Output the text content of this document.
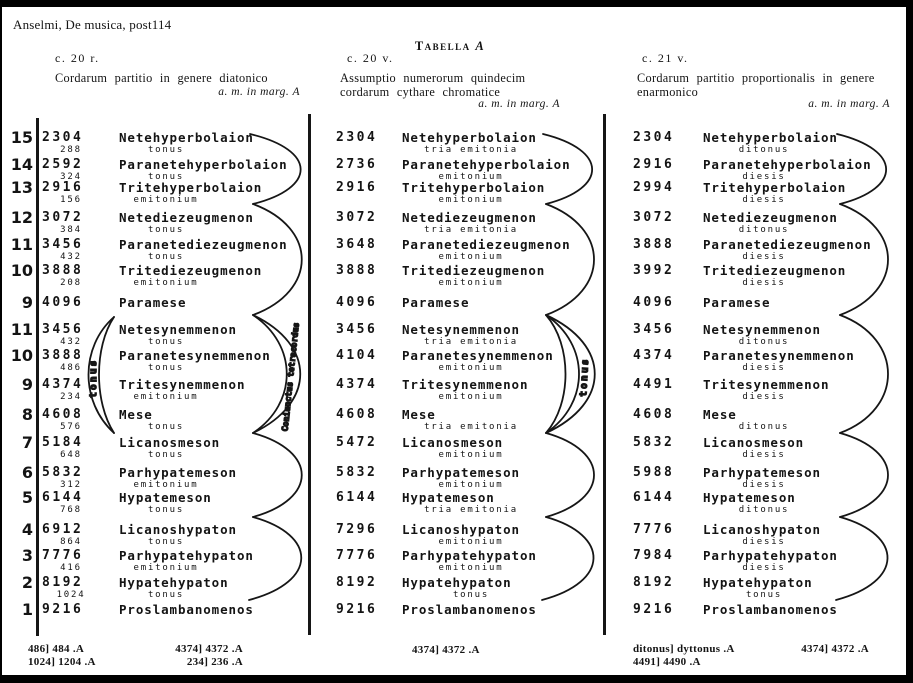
Anselmi, De musica, post114
Tabella A
c. 20 r.
Cordarum partitio in genere diatonico
a. m. in marg. A
c. 20 v.
Assumptio numerorum quindecim
cordarum cythare chromatice
a. m. in marg. A
c. 21 v.
Cordarum partitio proportionalis in genere
enarmonico
a. m. in marg. A
15 2304	Netehyperbolaion
288	tonus
14 2592	Paranetehyperbolaion
324	tonus
13 2916	Tritehyperbolaion
156	emitonium
12 3072	Netediezeugmenon
384	tonus
11 3456	Paranetediezeugmenon
432	tonus
10 3888	Tritediezeugmenon
208	emitonium
9 4096	Paramese
11 3456	Netesynemmenon
432	tonus
10 3888	Paranetesynemmenon
486	tonus
9 4374	Tritesynemmenon
234	emitonium
8 4608	Mese
576	tonus
7 5184	Licanosmeson
648	tonus
6 5832	Parhypatemeson
312	emitonium
5 6144	Hypatemeson
768	tonus
4 6912	Licanoshypaton
864	tonus
3 7776	Parhypatehypaton
416	emitonium
2 8192	Hypatehypaton
1024	tonus
1 9216	Proslambanomenos
2304 Netehyperbolaion
tria emitonia
2736 Paranetehyperbolaion
emitonium
2916 Tritehyperbolaion
emitonium
3072 Netediezeugmenon
tria emitonia
3648 Paranetediezeugmenon
emitonium
3888 Tritediezeugmenon
emitonium
4096 Paramese
3456 Netesynemmenon
tria emitonia
4104 Paranetesynemmenon
emitonium
4374 Tritesynemmenon
emitonium
4608 Mese
tria emitonia
5472 Licanosmeson
emitonium
5832 Parhypatemeson
emitonium
6144 Hypatemeson
tria emitonia
7296 Licanoshypaton
emitonium
7776 Parhypatehypaton
emitonium
8192 Hypatehypaton
tonus
9216 Proslambanomenos
2304 Netehyperbolaion
ditonus
2916 Paranetehyperbolaion
diesis
2994 Tritehyperbolaion
diesis
3072 Netediezeugmenon
ditonus
3888 Paranetediezeugmenon
diesis
3992 Tritediezeugmenon
diesis
4096 Paramese
3456 Netesynemmenon
ditonus
4374 Paranetesynemmenon
diesis
4491 Tritesynemmenon
diesis
4608 Mese
ditonus
5832 Licanosmeson
diesis
5988 Parhypatemeson
diesis
6144 Hypatemeson
ditonus
7776 Licanoshypaton
diesis
7984 Parhypatehypaton
diesis
8192 Hypatehypaton
tonus
9216 Proslambanomenos
Coniunctus tetracordus
tonus	tonus
486] 484 .A	4374] 4372 .A
1024] 1204 .A	234] 236 .A
4374] 4372 .A	ditonus] dyttonus .A	4374] 4372 .A
4491] 4490 .A
